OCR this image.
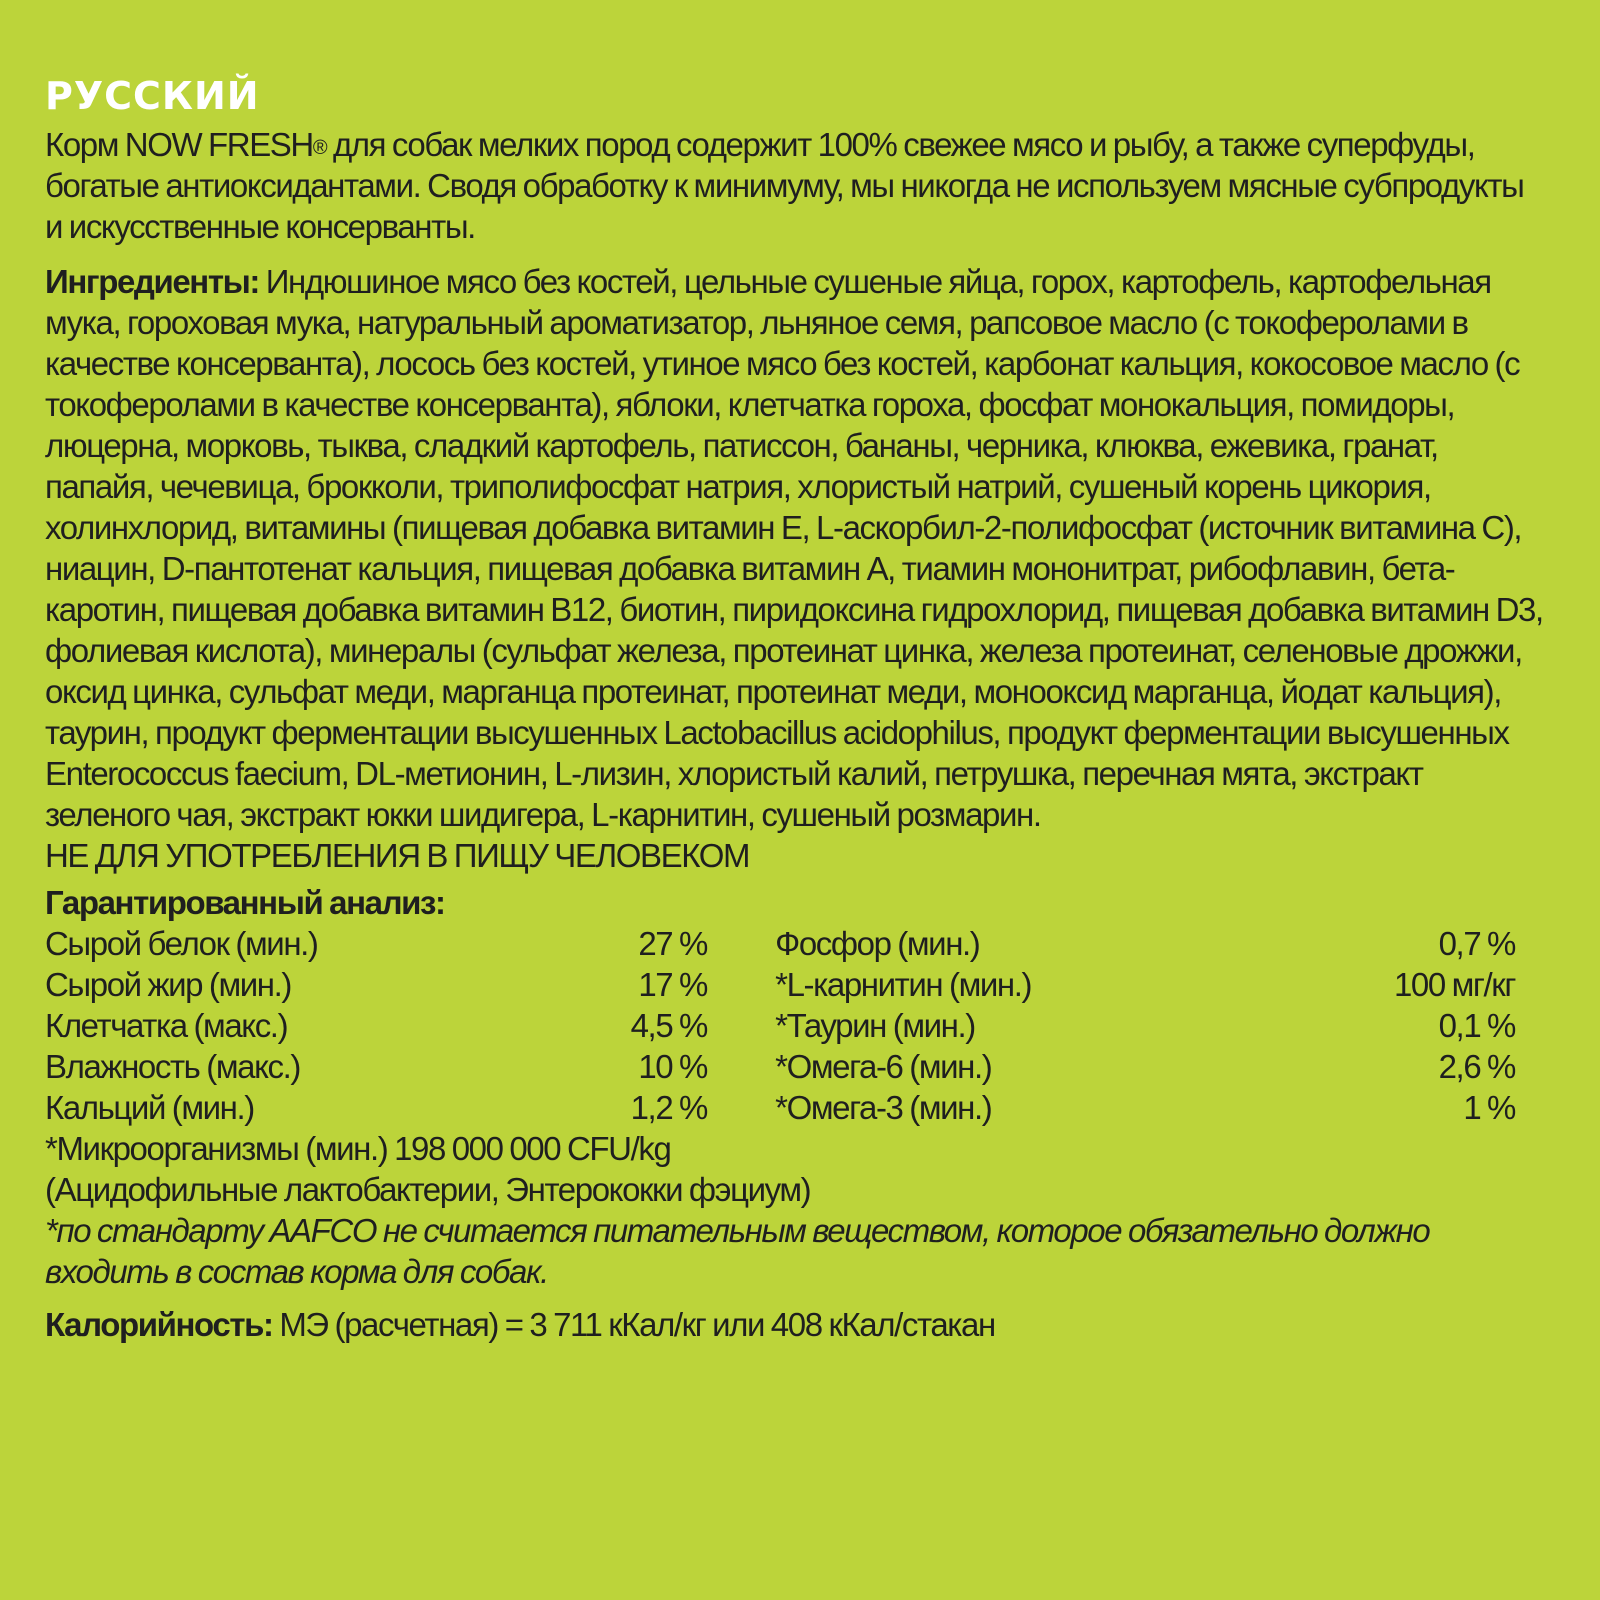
РУССКИЙ

Корм NOW FRESH® для собак мелких пород содержит 100% свежее мясо и рыбу, а также суперфуды, богатые антиоксидантами. Сводя обработку к минимуму, мы никогда не используем мясные субпродукты и искусственные консерванты.

Ингредиенты: Индюшиное мясо без костей, цельные сушеные яйца, горох, картофель, картофельная мука, гороховая мука, натуральный ароматизатор, льняное семя, рапсовое масло (с токоферолами в качестве консерванта), лосось без костей, утиное мясо без костей, карбонат кальция, кокосовое масло (с токоферолами в качестве консерванта), яблоки, клетчатка гороха, фосфат монокальция, помидоры, люцерна, морковь, тыква, сладкий картофель, патиссон, бананы, черника, клюква, ежевика, гранат, папайя, чечевица, брокколи, триполифосфат натрия, хлористый натрий, сушеный корень цикория, холинхлорид, витамины (пищевая добавка витамин E, L-аскорбил-2-полифосфат (источник витамина C), ниацин, D-пантотенат кальция, пищевая добавка витамин A, тиамин мононитрат, рибофлавин, бета-каротин, пищевая добавка витамин B12, биотин, пиридоксина гидрохлорид, пищевая добавка витамин D3, фолиевая кислота), минералы (сульфат железа, протеинат цинка, железа протеинат, селеновые дрожжи, оксид цинка, сульфат меди, марганца протеинат, протеинат меди, монооксид марганца, йодат кальция), таурин, продукт ферментации высушенных Lactobacillus acidophilus, продукт ферментации высушенных Enterococcus faecium, DL-метионин, L-лизин, хлористый калий, петрушка, перечная мята, экстракт зеленого чая, экстракт юкки шидигера, L-карнитин, сушеный розмарин.

НЕ ДЛЯ УПОТРЕБЛЕНИЯ В ПИЩУ ЧЕЛОВЕКОМ

Гарантированный анализ:

Сырой белок (мин.)	27 % Фосфор (мин.)	0,7 %
Сырой жир (мин.)	17 % *L-карнитин (мин.)	100 мг/кг
Клетчатка (макс.)	4,5 % *Таурин (мин.)	0,1 %
Влажность (макс.)	10 % *Омега-6 (мин.)	2,6 %
Кальций (мин.)	1,2 % *Омега-3 (мин.)	1 %

*Микроорганизмы (мин.) 198 000 000 CFU/kg

(Ацидофильные лактобактерии, Энтерококки фэциум)

*по стандарту AAFCO не считается питательным веществом, которое обязательно должно входить в состав корма для собак.

Калорийность: МЭ (расчетная) = 3 711 кКал/кг или 408 кКал/стакан
